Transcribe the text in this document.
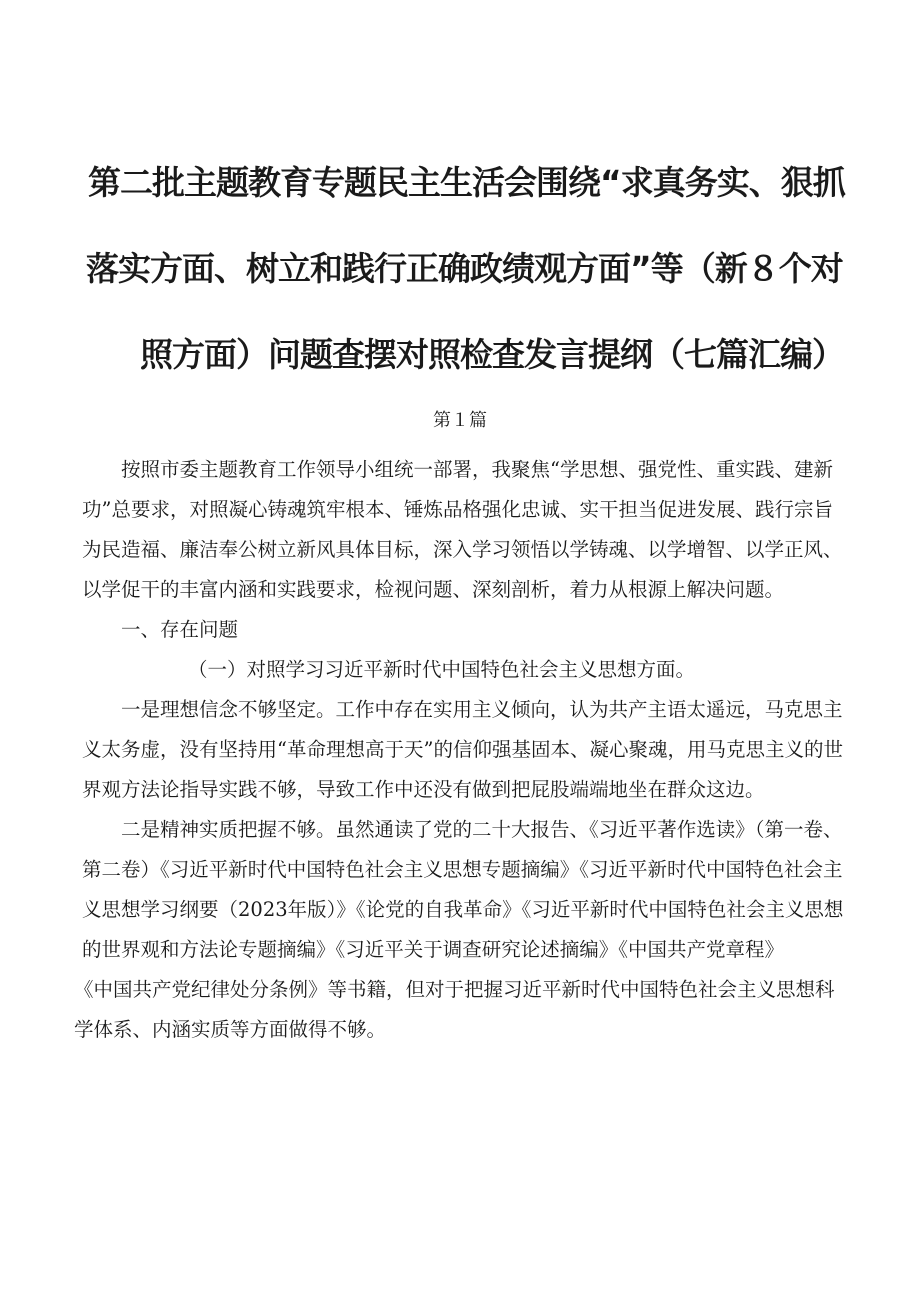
第二批主题教育专题民主生活会围绕“求真务实、狠抓
落实方面、树立和践行正确政绩观方面”等（新８个对
照方面）问题查摆对照检查发言提纲（七篇汇编）
第１篇

按照市委主题教育工作领导小组统一部署，我聚焦“学思想、强党性、重实践、建新功”总要求，对照凝心铸魂筑牢根本、锤炼品格强化忠诚、实干担当促进发展、践行宗旨为民造福、廉洁奉公树立新风具体目标，深入学习领悟以学铸魂、以学增智、以学正风、以学促干的丰富内涵和实践要求，检视问题、深刻剖析，着力从根源上解决问题。

一、存在问题

（一）对照学习习近平新时代中国特色社会主义思想方面。

一是理想信念不够坚定。工作中存在实用主义倾向，认为共产主语太遥远，马克思主义太务虚，没有坚持用“革命理想高于天”的信仰强基固本、凝心聚魂，用马克思主义的世界观方法论指导实践不够，导致工作中还没有做到把屁股端端地坐在群众这边。

二是精神实质把握不够。虽然通读了党的二十大报告、《习近平著作选读》（第一卷、第二卷）《习近平新时代中国特色社会主义思想专题摘编》《习近平新时代中国特色社会主义思想学习纲要（2023年版）》《论党的自我革命》《习近平新时代中国特色社会主义思想的世界观和方法论专题摘编》《习近平关于调查研究论述摘编》《中国共产党章程》

《中国共产党纪律处分条例》等书籍，但对于把握习近平新时代中国特色社会主义思想科学体系、内涵实质等方面做得不够。
